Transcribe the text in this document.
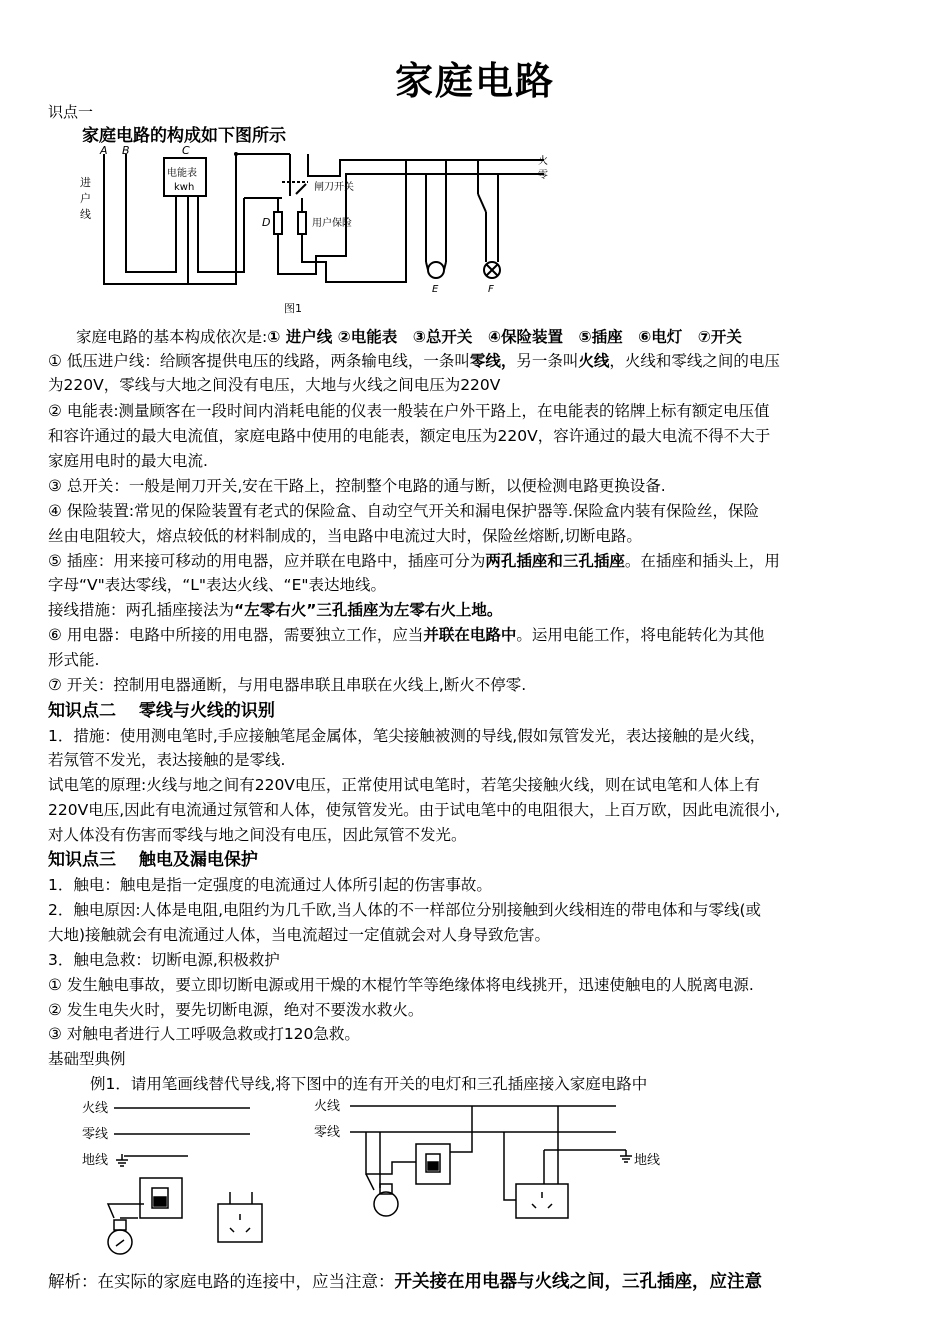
家庭电路
识点一
家庭电路的构成如下图所示
A B	C
进
户
线
电能表
kwh	闸刀开关
D	用户保险
火
零
E	F
图1
家庭电路的基本构成依次是:① 进户线 ②电能表　③总开关　④保险装置　⑤插座　⑥电灯　⑦开关
① 低压进户线：给顾客提供电压的线路，两条输电线，一条叫零线，另一条叫火线，火线和零线之间的电压
为220V，零线与大地之间没有电压，大地与火线之间电压为220V
② 电能表:测量顾客在一段时间内消耗电能的仪表一般装在户外干路上，在电能表的铭牌上标有额定电压值
和容许通过的最大电流值，家庭电路中使用的电能表，额定电压为220V，容许通过的最大电流不得不大于
家庭用电时的最大电流.
③ 总开关：一般是闸刀开关,安在干路上，控制整个电路的通与断，以便检测电路更换设备.
④ 保险装置:常见的保险装置有老式的保险盒、自动空气开关和漏电保护器等.保险盒内装有保险丝，保险
丝由电阻较大，熔点较低的材料制成的，当电路中电流过大时，保险丝熔断,切断电路。
⑤ 插座：用来接可移动的用电器，应并联在电路中，插座可分为两孔插座和三孔插座。在插座和插头上，用
字母“V"表达零线，“L"表达火线、“E"表达地线。
接线措施：两孔插座接法为“左零右火”三孔插座为左零右火上地。
⑥ 用电器：电路中所接的用电器，需要独立工作，应当并联在电路中。运用电能工作，将电能转化为其他
形式能.
⑦ 开关：控制用电器通断，与用电器串联且串联在火线上,断火不停零.
知识点二　 零线与火线的识别
1．措施：使用测电笔时,手应接触笔尾金属体，笔尖接触被测的导线,假如氖管发光，表达接触的是火线，
若氖管不发光，表达接触的是零线.
试电笔的原理:火线与地之间有220V电压，正常使用试电笔时，若笔尖接触火线，则在试电笔和人体上有
220V电压,因此有电流通过氖管和人体，使氖管发光。由于试电笔中的电阻很大，上百万欧，因此电流很小,
对人体没有伤害而零线与地之间没有电压，因此氖管不发光。
知识点三　 触电及漏电保护
1．触电：触电是指一定强度的电流通过人体所引起的伤害事故。
2．触电原因:人体是电阻,电阻约为几千欧,当人体的不一样部位分别接触到火线相连的带电体和与零线(或
大地)接触就会有电流通过人体，当电流超过一定值就会对人身导致危害。
3．触电急救：切断电源,积极救护
① 发生触电事故，要立即切断电源或用干燥的木棍竹竿等绝缘体将电线挑开，迅速使触电的人脱离电源.
② 发生电失火时，要先切断电源，绝对不要泼水救火。
③ 对触电者进行人工呼吸急救或打120急救。
基础型典例
例1．请用笔画线替代导线,将下图中的连有开关的电灯和三孔插座接入家庭电路中
火线
零线
地线
火线
零线
地线
解析：在实际的家庭电路的连接中，应当注意：开关接在用电器与火线之间，三孔插座，应注意
